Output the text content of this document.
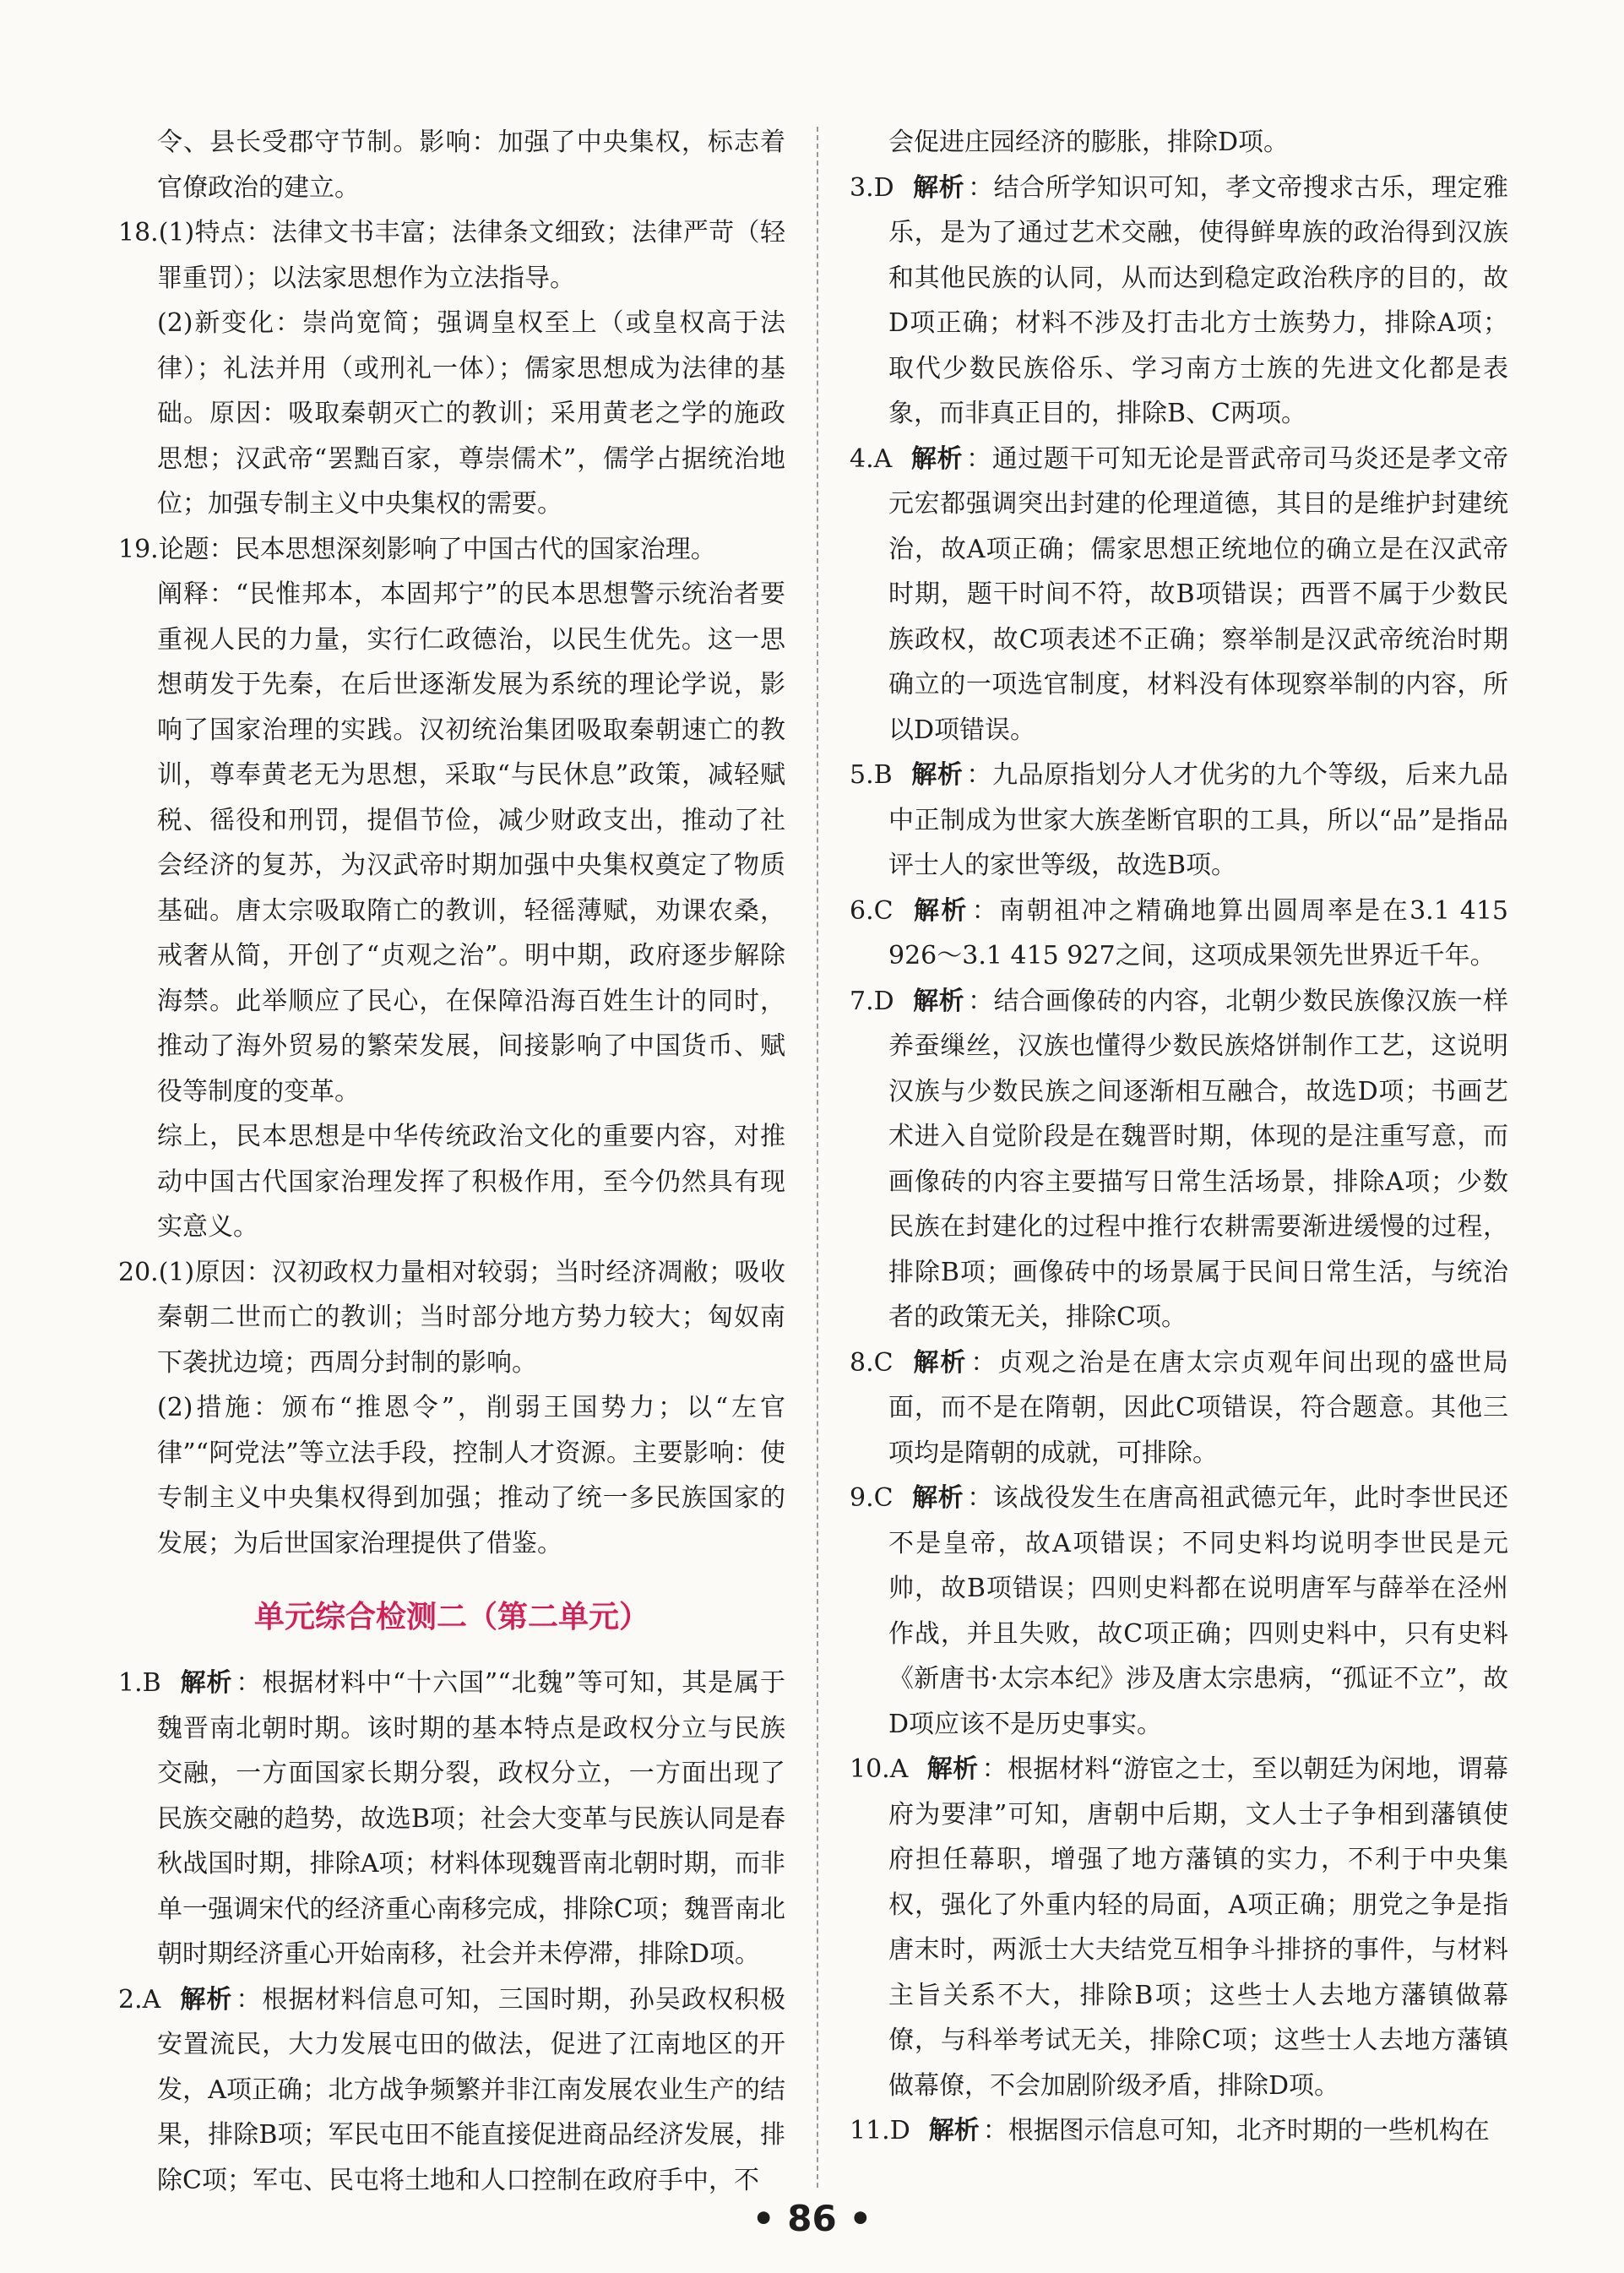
令、县长受郡守节制。影响：加强了中央集权，标志着官僚政治的建立。

18.(1)特点：法律文书丰富；法律条文细致；法律严苛（轻罪重罚）；以法家思想作为立法指导。

(2)新变化：崇尚宽简；强调皇权至上（或皇权高于法律）；礼法并用（或刑礼一体）；儒家思想成为法律的基础。原因：吸取秦朝灭亡的教训；采用黄老之学的施政思想；汉武帝“罢黜百家，尊崇儒术”，儒学占据统治地位；加强专制主义中央集权的需要。

19.论题：民本思想深刻影响了中国古代的国家治理。

阐释：“民惟邦本，本固邦宁”的民本思想警示统治者要重视人民的力量，实行仁政德治，以民生优先。这一思想萌发于先秦，在后世逐渐发展为系统的理论学说，影响了国家治理的实践。汉初统治集团吸取秦朝速亡的教训，尊奉黄老无为思想，采取“与民休息”政策，减轻赋税、徭役和刑罚，提倡节俭，减少财政支出，推动了社会经济的复苏，为汉武帝时期加强中央集权奠定了物质基础。唐太宗吸取隋亡的教训，轻徭薄赋，劝课农桑，戒奢从简，开创了“贞观之治”。明中期，政府逐步解除海禁。此举顺应了民心，在保障沿海百姓生计的同时，推动了海外贸易的繁荣发展，间接影响了中国货币、赋役等制度的变革。

综上，民本思想是中华传统政治文化的重要内容，对推动中国古代国家治理发挥了积极作用，至今仍然具有现实意义。

20.(1)原因：汉初政权力量相对较弱；当时经济凋敝；吸收秦朝二世而亡的教训；当时部分地方势力较大；匈奴南下袭扰边境；西周分封制的影响。

(2)措施：颁布“推恩令”，削弱王国势力；以“左官律”“阿党法”等立法手段，控制人才资源。主要影响：使专制主义中央集权得到加强；推动了统一多民族国家的发展；为后世国家治理提供了借鉴。

单元综合检测二（第二单元）

1.B 解析 ：根据材料中“十六国”“北魏”等可知，其是属于魏晋南北朝时期。该时期的基本特点是政权分立与民族交融，一方面国家长期分裂，政权分立，一方面出现了民族交融的趋势，故选B项；社会大变革与民族认同是春秋战国时期，排除A项；材料体现魏晋南北朝时期，而非单一强调宋代的经济重心南移完成，排除C项；魏晋南北朝时期经济重心开始南移，社会并未停滞，排除D项。

2.A 解析 ：根据材料信息可知，三国时期，孙吴政权积极安置流民，大力发展屯田的做法，促进了江南地区的开发，A项正确；北方战争频繁并非江南发展农业生产的结果，排除B项；军民屯田不能直接促进商品经济发展，排除C项；军屯、民屯将土地和人口控制在政府手中，不

会促进庄园经济的膨胀，排除D项。

3.D 解析 ：结合所学知识可知，孝文帝搜求古乐，理定雅乐，是为了通过艺术交融，使得鲜卑族的政治得到汉族和其他民族的认同，从而达到稳定政治秩序的目的，故D项正确；材料不涉及打击北方士族势力，排除A项；取代少数民族俗乐、学习南方士族的先进文化都是表象，而非真正目的，排除B、C两项。

4.A 解析 ：通过题干可知无论是晋武帝司马炎还是孝文帝元宏都强调突出封建的伦理道德，其目的是维护封建统治，故A项正确；儒家思想正统地位的确立是在汉武帝时期，题干时间不符，故B项错误；西晋不属于少数民族政权，故C项表述不正确；察举制是汉武帝统治时期确立的一项选官制度，材料没有体现察举制的内容，所以D项错误。

5.B 解析 ：九品原指划分人才优劣的九个等级，后来九品中正制成为世家大族垄断官职的工具，所以“品”是指品评士人的家世等级，故选B项。

6.C 解析 ：南朝祖冲之精确地算出圆周率是在3.1 415 926～3.1 415 927之间，这项成果领先世界近千年。

7.D 解析 ：结合画像砖的内容，北朝少数民族像汉族一样养蚕缫丝，汉族也懂得少数民族烙饼制作工艺，这说明汉族与少数民族之间逐渐相互融合，故选D项；书画艺术进入自觉阶段是在魏晋时期，体现的是注重写意，而画像砖的内容主要描写日常生活场景，排除A项；少数民族在封建化的过程中推行农耕需要渐进缓慢的过程，排除B项；画像砖中的场景属于民间日常生活，与统治者的政策无关，排除C项。

8.C 解析 ：贞观之治是在唐太宗贞观年间出现的盛世局面，而不是在隋朝，因此C项错误，符合题意。其他三项均是隋朝的成就，可排除。

9.C 解析 ：该战役发生在唐高祖武德元年，此时李世民还不是皇帝，故A项错误；不同史料均说明李世民是元帅，故B项错误；四则史料都在说明唐军与薛举在泾州作战，并且失败，故C项正确；四则史料中，只有史料《新唐书·太宗本纪》涉及唐太宗患病，“孤证不立”，故D项应该不是历史事实。

10.A 解析 ：根据材料“游宦之士，至以朝廷为闲地，谓幕府为要津”可知，唐朝中后期，文人士子争相到藩镇使府担任幕职，增强了地方藩镇的实力，不利于中央集权，强化了外重内轻的局面，A项正确；朋党之争是指唐末时，两派士大夫结党互相争斗排挤的事件，与材料主旨关系不大，排除B项；这些士人去地方藩镇做幕僚，与科举考试无关，排除C项；这些士人去地方藩镇做幕僚，不会加剧阶级矛盾，排除D项。

11.D 解析 ：根据图示信息可知，北齐时期的一些机构在

• 86 •
